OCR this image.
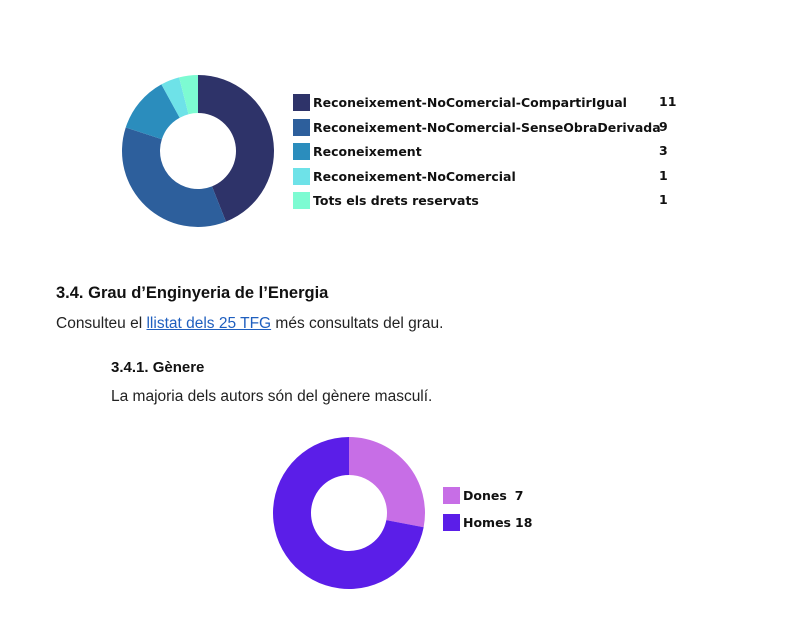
Reconeixement-NoComercial-CompartirIgual	11
Reconeixement-NoComercial-SenseObraDerivada
9
Reconeixement	3
Reconeixement-NoComercial	1
Tots els drets reservats	1
3.4. Grau d’Enginyeria de l’Energia
Consulteu el llistat dels 25 TFG més consultats del grau.
3.4.1. Gènere
La majoria dels autors són del gènere masculí.
Dones 7
Homes 18
